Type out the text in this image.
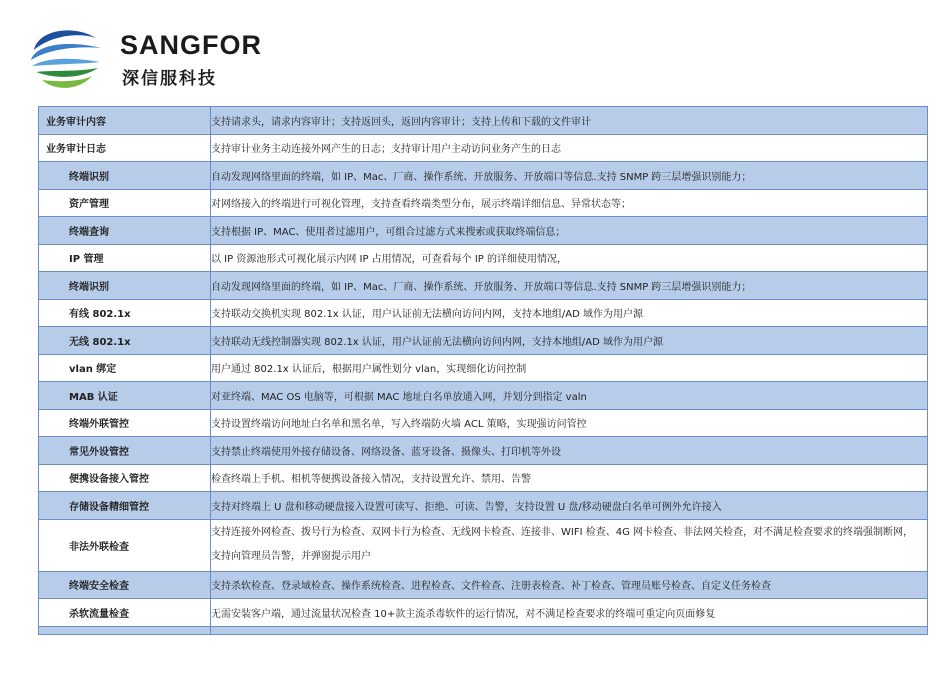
SANGFOR
深信服科技
业务审计内容	支持请求头，请求内容审计；支持返回头，返回内容审计；支持上传和下载的文件审计
业务审计日志	支持审计业务主动连接外网产生的日志；支持审计用户主动访问业务产生的日志
终端识别	自动发现网络里面的终端，如 IP、Mac、厂商、操作系统、开放服务、开放端口等信息.支持 SNMP 跨三层增强识别能力；
资产管理	对网络接入的终端进行可视化管理，支持查看终端类型分布，展示终端详细信息、异常状态等；
终端查询	支持根据 IP、MAC、使用者过滤用户，可组合过滤方式来搜索或获取终端信息；
IP 管理	以 IP 资源池形式可视化展示内网 IP 占用情况，可查看每个 IP 的详细使用情况，
终端识别	自动发现网络里面的终端，如 IP、Mac、厂商、操作系统、开放服务、开放端口等信息.支持 SNMP 跨三层增强识别能力；
有线 802.1x	支持联动交换机实现 802.1x 认证，用户认证前无法横向访问内网，支持本地组/AD 域作为用户源
无线 802.1x	支持联动无线控制器实现 802.1x 认证，用户认证前无法横向访问内网，支持本地组/AD 域作为用户源
vlan 绑定	用户通过 802.1x 认证后，根据用户属性划分 vlan，实现细化访问控制
MAB 认证	对亚终端、MAC OS 电脑等，可根据 MAC 地址白名单放通入网，并划分到指定 valn
终端外联管控	支持设置终端访问地址白名单和黑名单，写入终端防火墙 ACL 策略，实现强访问管控
常见外设管控	支持禁止终端使用外接存储设备、网络设备、蓝牙设备、摄像头、打印机等外设
便携设备接入管控	检查终端上手机、相机等便携设备接入情况，支持设置允许、禁用、告警
存储设备精细管控	支持对终端上 U 盘和移动硬盘接入设置可读写、拒绝、可读、告警，支持设置 U 盘/移动硬盘白名单可例外允许接入
非法外联检查	支持连接外网检查、拨号行为检查、双网卡行为检查、无线网卡检查、连接非、WIFI 检查、4G 网卡检查、非法网关检查，对不满足检查要求的终端强制断网，支持向管理员告警，并弹窗提示用户
终端安全检查	支持杀软检查、登录域检查、操作系统检查、进程检查、文件检查、注册表检查、补丁检查、管理员账号检查、自定义任务检查
杀软流量检查	无需安装客户端，通过流量状况检查 10+款主流杀毒软件的运行情况，对不满足检查要求的终端可重定向页面修复
